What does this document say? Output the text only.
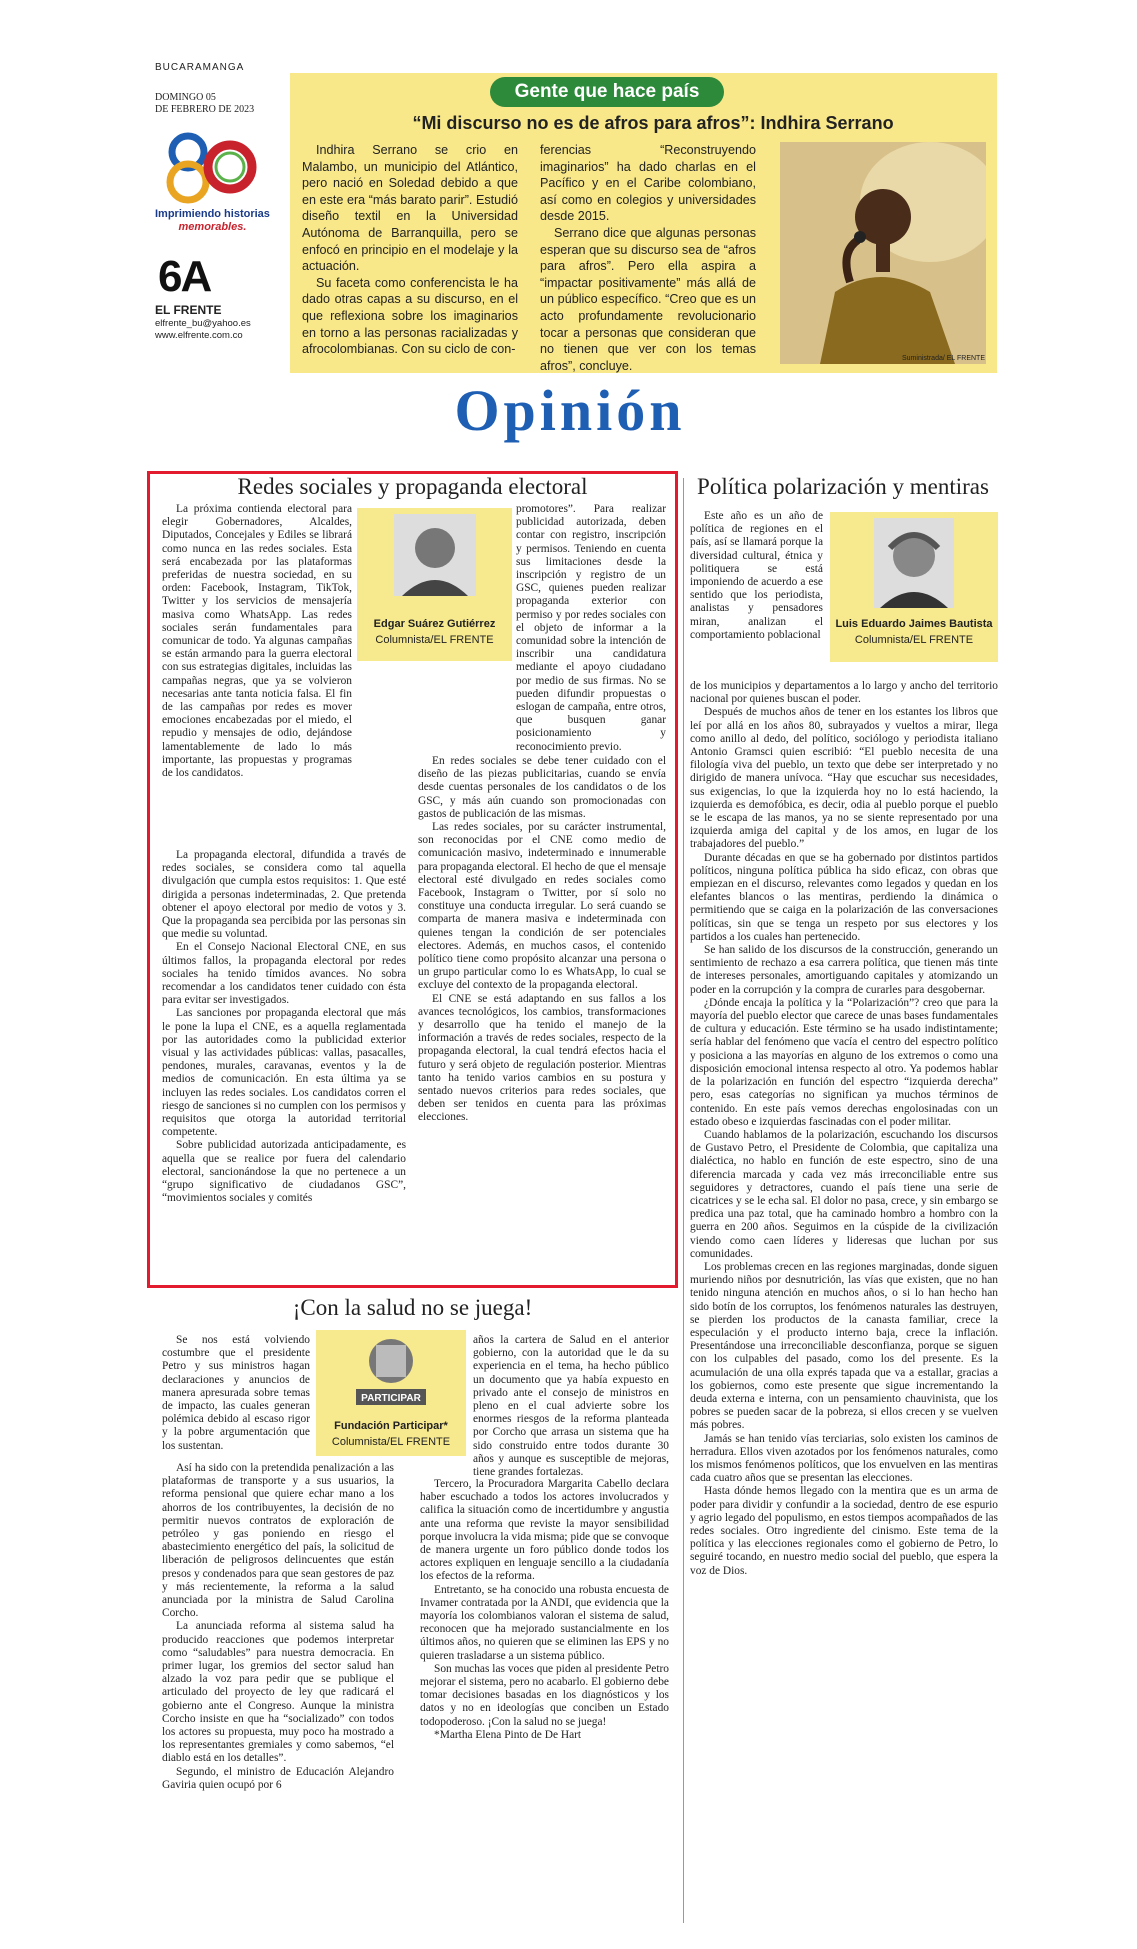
BUCARAMANGA
DOMINGO 05
DE FEBRERO DE 2023
Imprimiendo historias
memorables.
6A
EL FRENTE
elfrente_bu@yahoo.es
www.elfrente.com.co
Gente que hace país
“Mi discurso no es de afros para afros”: Indhira Serrano

Indhira Serrano se crio en Malambo, un municipio del Atlántico, pero nació en Soledad debido a que en este era “más barato parir”. Estudió diseño textil en la Universidad Autónoma de Barranquilla, pero se enfocó en principio en el modelaje y la actuación.

Su faceta como conferencista le ha dado otras capas a su discurso, en el que reflexiona sobre los imaginarios en torno a las personas racializadas y afrocolombianas. Con su ciclo de con-

ferencias “Reconstruyendo imaginarios” ha dado charlas en el Pacífico y en el Caribe colombiano, así como en colegios y universidades desde 2015.

Serrano dice que algunas personas esperan que su discurso sea de “afros para afros”. Pero ella aspira a “impactar positivamente” más allá de un público específico. “Creo que es un acto profundamente revolucionario tocar a personas que consideran que no tienen que ver con los temas afros”, concluye.

Suministrada/ EL FRENTE
Opinión
Redes sociales y propaganda electoral
Edgar Suárez Gutiérrez
Columnista/EL FRENTE

La próxima contienda electoral para elegir Gobernadores, Alcaldes, Diputados, Concejales y Ediles se librará como nunca en las redes sociales. Esta será encabezada por las plataformas preferidas de nuestra sociedad, en su orden: Facebook, Instagram, TikTok, Twitter y los servicios de mensajería masiva como WhatsApp. Las redes sociales serán fundamentales para comunicar de todo. Ya algunas campañas se están armando para la guerra electoral con sus estrategias digitales, incluidas las campañas negras, que ya se volvieron necesarias ante tanta noticia falsa. El fin de las campañas por redes es mover emociones encabezadas por el miedo, el repudio y mensajes de odio, dejándose lamentablemente de lado lo más importante, las propuestas y programas de los candidatos.

La propaganda electoral, difundida a través de redes sociales, se considera como tal aquella divulgación que cumpla estos requisitos: 1. Que esté dirigida a personas indeterminadas, 2. Que pretenda obtener el apoyo electoral por medio de votos y 3. Que la propaganda sea percibida por las personas sin que medie su voluntad.

En el Consejo Nacional Electoral CNE, en sus últimos fallos, la propaganda electoral por redes sociales ha tenido tímidos avances. No sobra recomendar a los candidatos tener cuidado con ésta para evitar ser investigados.

Las sanciones por propaganda electoral que más le pone la lupa el CNE, es a aquella reglamentada por las autoridades como la publicidad exterior visual y las actividades públicas: vallas, pasacalles, pendones, murales, caravanas, eventos y la de medios de comunicación. En esta última ya se incluyen las redes sociales. Los candidatos corren el riesgo de sanciones si no cumplen con los permisos y requisitos que otorga la autoridad territorial competente.

Sobre publicidad autorizada anticipadamente, es aquella que se realice por fuera del calendario electoral, sancionándose la que no pertenece a un “grupo significativo de ciudadanos GSC”, “movimientos sociales y comités

promotores”. Para realizar publicidad autorizada, deben contar con registro, inscripción y permisos. Teniendo en cuenta sus limitaciones desde la inscripción y registro de un GSC, quienes pueden realizar propaganda exterior con permiso y por redes sociales con el objeto de informar a la comunidad sobre la intención de inscribir una candidatura mediante el apoyo ciudadano por medio de sus firmas. No se pueden difundir propuestas o eslogan de campaña, entre otros, que busquen ganar posicionamiento y reconocimiento previo.

En redes sociales se debe tener cuidado con el diseño de las piezas publicitarias, cuando se envía desde cuentas personales de los candidatos o de los GSC, y más aún cuando son promocionadas con gastos de publicación de las mismas.

Las redes sociales, por su carácter instrumental, son reconocidas por el CNE como medio de comunicación masivo, indeterminado e innumerable para propaganda electoral. El hecho de que el mensaje electoral esté divulgado en redes sociales como Facebook, Instagram o Twitter, por sí solo no constituye una conducta irregular. Lo será cuando se comparta de manera masiva e indeterminada con quienes tengan la condición de ser potenciales electores. Además, en muchos casos, el contenido político tiene como propósito alcanzar una persona o un grupo particular como lo es WhatsApp, lo cual se excluye del contexto de la propaganda electoral.

El CNE se está adaptando en sus fallos a los avances tecnológicos, los cambios, transformaciones y desarrollo que ha tenido el manejo de la información a través de redes sociales, respecto de la propaganda electoral, la cual tendrá efectos hacia el futuro y será objeto de regulación posterior. Mientras tanto ha tenido varios cambios en su postura y sentado nuevos criterios para redes sociales, que deben ser tenidos en cuenta para las próximas elecciones.

¡Con la salud no se juega!
PARTICIPAR
Fundación Participar*
Columnista/EL FRENTE

Se nos está volviendo costumbre que el presidente Petro y sus ministros hagan declaraciones y anuncios de manera apresurada sobre temas de impacto, las cuales generan polémica debido al escaso rigor y la pobre argumentación que los sustentan.

Así ha sido con la pretendida penalización a las plataformas de transporte y a sus usuarios, la reforma pensional que quiere echar mano a los ahorros de los contribuyentes, la decisión de no permitir nuevos contratos de exploración de petróleo y gas poniendo en riesgo el abastecimiento energético del país, la solicitud de liberación de peligrosos delincuentes que están presos y condenados para que sean gestores de paz y más recientemente, la reforma a la salud anunciada por la ministra de Salud Carolina Corcho.

La anunciada reforma al sistema salud ha producido reacciones que podemos interpretar como “saludables” para nuestra democracia. En primer lugar, los gremios del sector salud han alzado la voz para pedir que se publique el articulado del proyecto de ley que radicará el gobierno ante el Congreso. Aunque la ministra Corcho insiste en que ha “socializado” con todos los actores su propuesta, muy poco ha mostrado a los representantes gremiales y como sabemos, “el diablo está en los detalles”.

Segundo, el ministro de Educación Alejandro Gaviria quien ocupó por 6

años la cartera de Salud en el anterior gobierno, con la autoridad que le da su experiencia en el tema, ha hecho público un documento que ya había expuesto en privado ante el consejo de ministros en pleno en el cual advierte sobre los enormes riesgos de la reforma planteada por Corcho que arrasa un sistema que ha sido construido entre todos durante 30 años y aunque es susceptible de mejoras, tiene grandes fortalezas.

Tercero, la Procuradora Margarita Cabello declara haber escuchado a todos los actores involucrados y califica la situación como de incertidumbre y angustia ante una reforma que reviste la mayor sensibilidad porque involucra la vida misma; pide que se convoque de manera urgente un foro público donde todos los actores expliquen en lenguaje sencillo a la ciudadanía los efectos de la reforma.

Entretanto, se ha conocido una robusta encuesta de Invamer contratada por la ANDI, que evidencia que la mayoría los colombianos valoran el sistema de salud, reconocen que ha mejorado sustancialmente en los últimos años, no quieren que se eliminen las EPS y no quieren trasladarse a un sistema público.

Son muchas las voces que piden al presidente Petro mejorar el sistema, pero no acabarlo. El gobierno debe tomar decisiones basadas en los diagnósticos y los datos y no en ideologías que conciben un Estado todopoderoso. ¡Con la salud no se juega!

*Martha Elena Pinto de De Hart

Política polarización y mentiras
Luis Eduardo Jaimes Bautista
Columnista/EL FRENTE

Este año es un año de política de regiones en el país, así se llamará porque la diversidad cultural, étnica y politiquera se está imponiendo de acuerdo a ese sentido que los periodista, analistas y pensadores miran, analizan el comportamiento poblacional

de los municipios y departamentos a lo largo y ancho del territorio nacional por quienes buscan el poder.

Después de muchos años de tener en los estantes los libros que leí por allá en los años 80, subrayados y vueltos a mirar, llega como anillo al dedo, del político, sociólogo y periodista italiano Antonio Gramsci quien escribió: “El pueblo necesita de una filología viva del pueblo, un texto que debe ser interpretado y no dirigido de manera unívoca. “Hay que escuchar sus necesidades, sus exigencias, lo que la izquierda hoy no lo está haciendo, la izquierda es demofóbica, es decir, odia al pueblo porque el pueblo se le escapa de las manos, ya no se siente representado por una izquierda amiga del capital y de los amos, en lugar de los trabajadores del pueblo.”

Durante décadas en que se ha gobernado por distintos partidos políticos, ninguna política pública ha sido eficaz, con obras que empiezan en el discurso, relevantes como legados y quedan en los elefantes blancos o las mentiras, perdiendo la dinámica o permitiendo que se caiga en la polarización de las conversaciones políticas, sin que se tenga un respeto por sus electores y los partidos a los cuales han pertenecido.

Se han salido de los discursos de la construcción, generando un sentimiento de rechazo a esa carrera política, que tienen más tinte de intereses personales, amortiguando capitales y atomizando un poder en la corrupción y la compra de curarles para desgobernar.

¿Dónde encaja la política y la “Polarización”? creo que para la mayoría del pueblo elector que carece de unas bases fundamentales de cultura y educación. Este término se ha usado indistintamente; sería hablar del fenómeno que vacía el centro del espectro político y posiciona a las mayorías en alguno de los extremos o como una disposición emocional intensa respecto al otro. Ya podemos hablar de la polarización en función del espectro “izquierda derecha” pero, esas categorías no significan ya muchos términos de contenido. En este país vemos derechas engolosinadas con un estado obeso e izquierdas fascinadas con el poder militar.

Cuando hablamos de la polarización, escuchando los discursos de Gustavo Petro, el Presidente de Colombia, que capitaliza una dialéctica, no hablo en función de este espectro, sino de una diferencia marcada y cada vez más irreconciliable entre sus seguidores y detractores, cuando el país tiene una serie de cicatrices y se le echa sal. El dolor no pasa, crece, y sin embargo se predica una paz total, que ha caminado hombro a hombro con la guerra en 200 años. Seguimos en la cúspide de la civilización viendo como caen líderes y lideresas que luchan por sus comunidades.

Los problemas crecen en las regiones marginadas, donde siguen muriendo niños por desnutrición, las vías que existen, que no han tenido ninguna atención en muchos años, o si lo han hecho han sido botín de los corruptos, los fenómenos naturales las destruyen, se pierden los productos de la canasta familiar, crece la especulación y el producto interno baja, crece la inflación. Presentándose una irreconciliable desconfianza, porque se siguen con los culpables del pasado, como los del presente. Es la acumulación de una olla exprés tapada que va a estallar, gracias a los gobiernos, como este presente que sigue incrementando la deuda externa e interna, con un pensamiento chauvinista, que los pobres se pueden sacar de la pobreza, si ellos crecen y se vuelven más pobres.

Jamás se han tenido vías terciarias, solo existen los caminos de herradura. Ellos viven azotados por los fenómenos naturales, como los mismos fenómenos políticos, que los envuelven en las mentiras cada cuatro años que se presentan las elecciones.

Hasta dónde hemos llegado con la mentira que es un arma de poder para dividir y confundir a la sociedad, dentro de ese espurio y agrio legado del populismo, en estos tiempos acompañados de las redes sociales. Otro ingrediente del cinismo. Este tema de la política y las elecciones regionales como el gobierno de Petro, lo seguiré tocando, en nuestro medio social del pueblo, que espera la voz de Dios.
